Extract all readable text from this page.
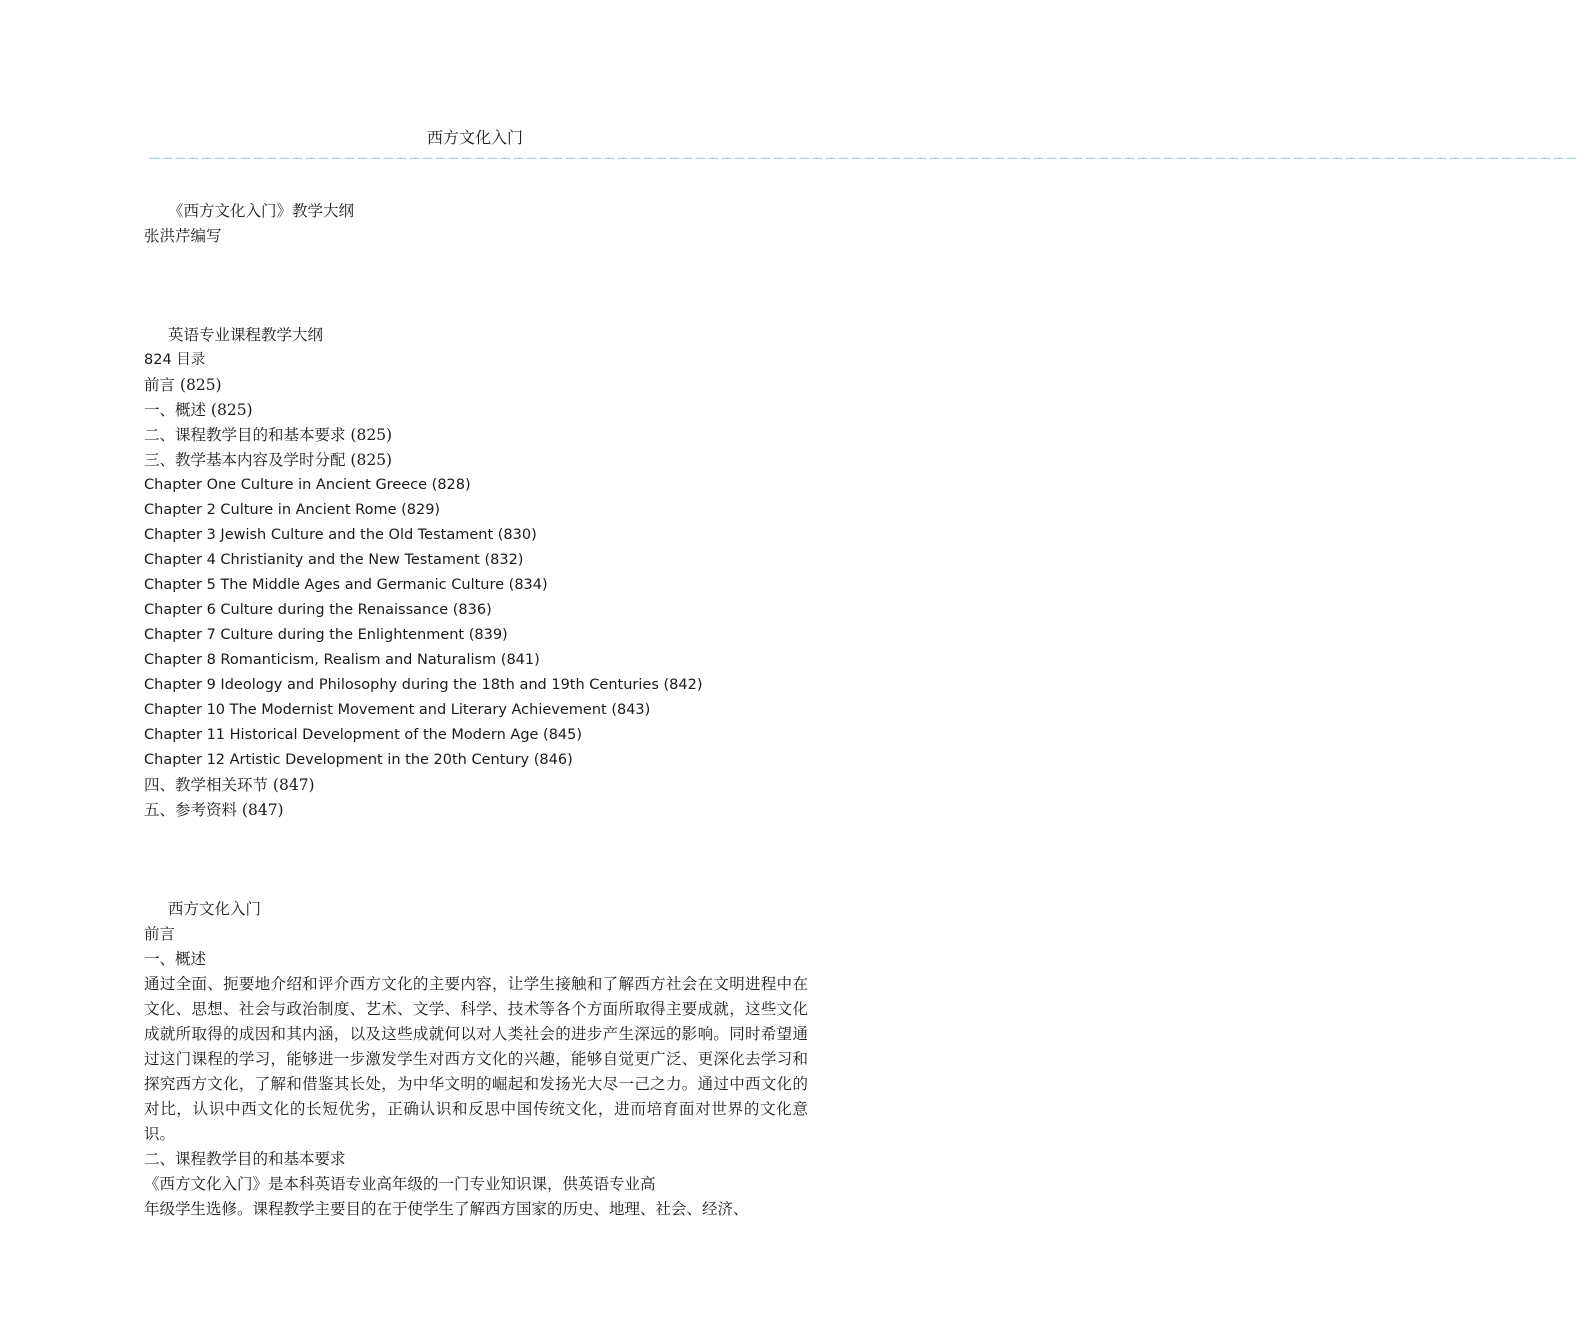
西方文化入门
－－－－－－－－－－－－－－－－－－－－－－－－－－－－－－－－－－－－－－－－－－－－－－－－－－－－－－－－－－－－－－－－－－－－－－－－－－－－－－－－－－－－－－－－－－－－－－－－－－－－－－－－－－－－－－
《西方文化入门》教学大纲
张洪芹编写
英语专业课程教学大纲
824 目录
前言 (825)
一、概述 (825)
二、课程教学目的和基本要求 (825)
三、教学基本内容及学时分配 (825)
Chapter One Culture in Ancient Greece (828)
Chapter 2 Culture in Ancient Rome (829)
Chapter 3 Jewish Culture and the Old Testament (830)
Chapter 4 Christianity and the New Testament (832)
Chapter 5 The Middle Ages and Germanic Culture (834)
Chapter 6 Culture during the Renaissance (836)
Chapter 7 Culture during the Enlightenment (839)
Chapter 8 Romanticism, Realism and Naturalism (841)
Chapter 9 Ideology and Philosophy during the 18th and 19th Centuries (842)
Chapter 10 The Modernist Movement and Literary Achievement (843)
Chapter 11 Historical Development of the Modern Age (845)
Chapter 12 Artistic Development in the 20th Century (846)
四、教学相关环节 (847)
五、参考资料 (847)
西方文化入门
前言
一、概述
通过全面、扼要地介绍和评介西方文化的主要内容，让学生接触和了解西方社会在文明进程中在文化、思想、社会与政治制度、艺术、文学、科学、技术等各个方面所取得主要成就，这些文化成就所取得的成因和其内涵，以及这些成就何以对人类社会的进步产生深远的影响。同时希望通过这门课程的学习，能够进一步激发学生对西方文化的兴趣，能够自觉更广泛、更深化去学习和探究西方文化，了解和借鉴其长处，为中华文明的崛起和发扬光大尽一己之力。通过中西文化的对比，认识中西文化的长短优劣，正确认识和反思中国传统文化，进而培育面对世界的文化意识。
二、课程教学目的和基本要求
《西方文化入门》是本科英语专业高年级的一门专业知识课，供英语专业高
年级学生选修。课程教学主要目的在于使学生了解西方国家的历史、地理、社会、经济、
